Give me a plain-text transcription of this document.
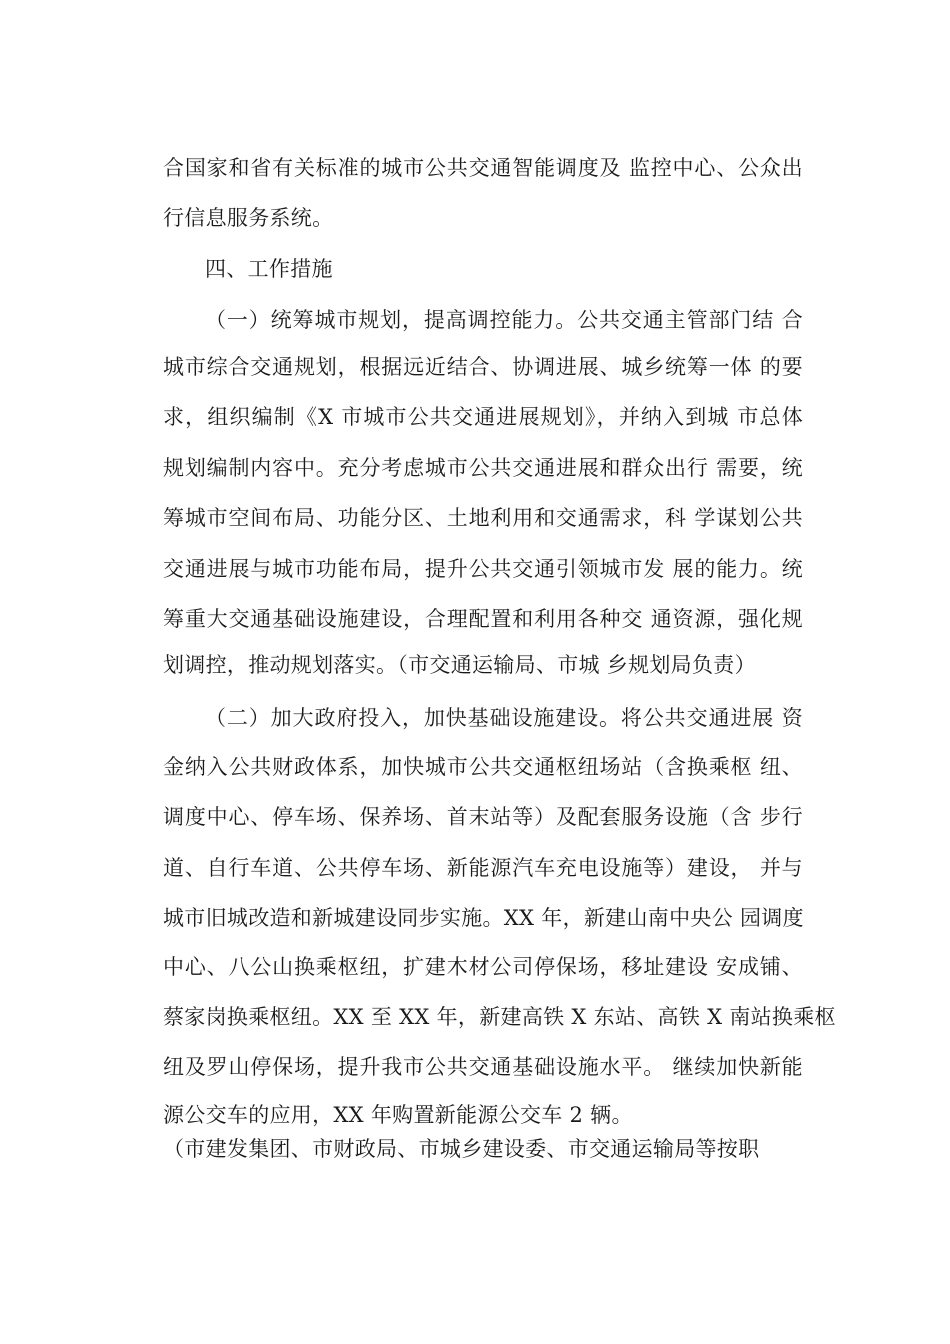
合国家和省有关标准的城市公共交通智能调度及 监控中心、公众出
行信息服务系统。
四、工作措施
（一）统筹城市规划，提高调控能力。公共交通主管部门结 合
城市综合交通规划，根据远近结合、协调进展、城乡统筹一体 的要
求，组织编制《X 市城市公共交通进展规划》，并纳入到城 市总体
规划编制内容中。充分考虑城市公共交通进展和群众出行 需要，统
筹城市空间布局、功能分区、土地利用和交通需求，科 学谋划公共
交通进展与城市功能布局，提升公共交通引领城市发 展的能力。统
筹重大交通基础设施建设，合理配置和利用各种交 通资源，强化规
划调控，推动规划落实。（市交通运输局、市城 乡规划局负责）
（二）加大政府投入，加快基础设施建设。将公共交通进展 资
金纳入公共财政体系，加快城市公共交通枢纽场站（含换乘枢 纽、
调度中心、停车场、保养场、首末站等）及配套服务设施（含 步行
道、自行车道、公共停车场、新能源汽车充电设施等）建设， 并与
城市旧城改造和新城建设同步实施。XX 年，新建山南中央公 园调度
中心、八公山换乘枢纽，扩建木材公司停保场，移址建设 安成铺、
蔡家岗换乘枢纽。XX 至 XX 年，新建高铁 X 东站、高铁 X 南站换乘枢
纽及罗山停保场，提升我市公共交通基础设施水平。 继续加快新能
源公交车的应用，XX 年购置新能源公交车 2 辆。
（市建发集团、市财政局、市城乡建设委、市交通运输局等按职
